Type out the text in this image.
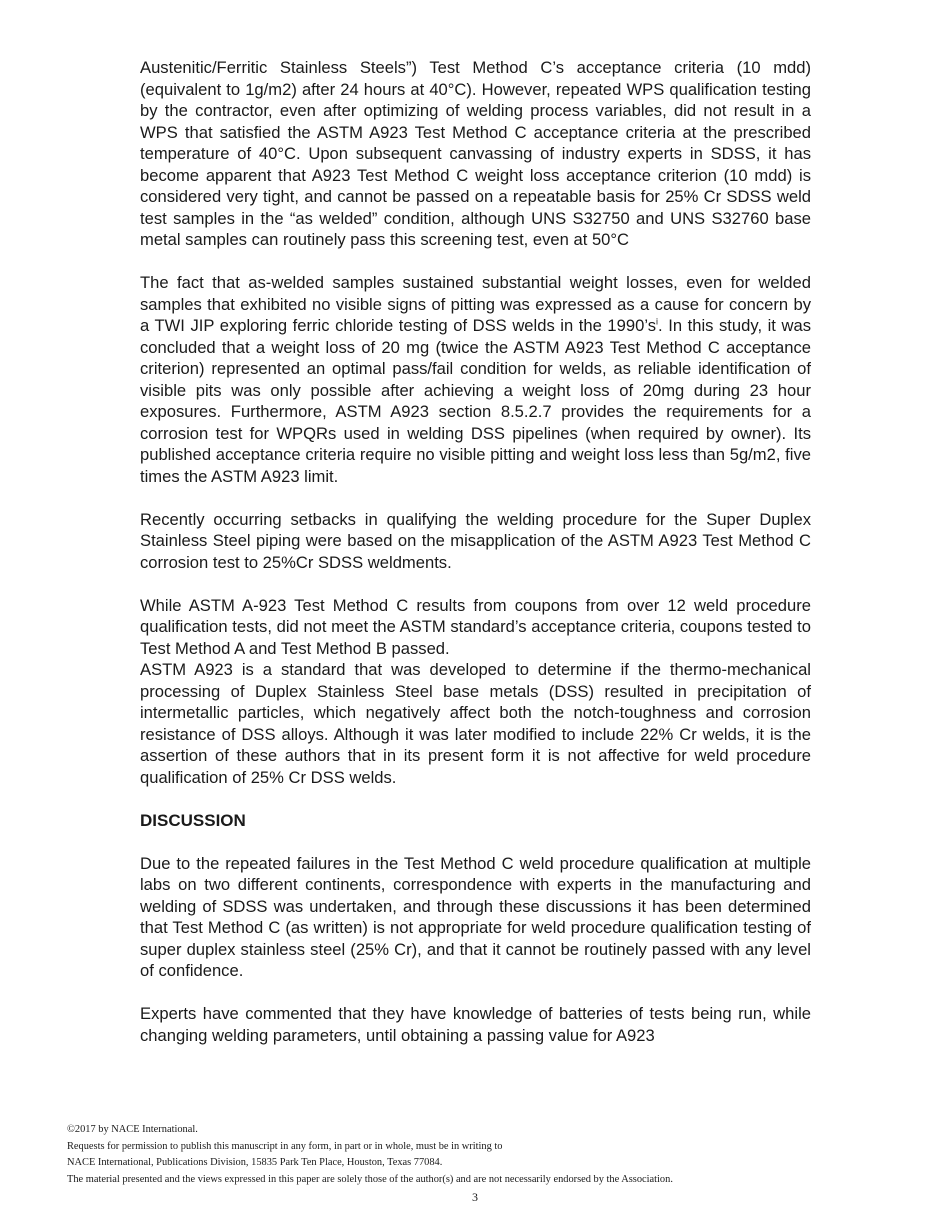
Austenitic/Ferritic Stainless Steels”) Test Method C’s acceptance criteria (10 mdd) (equivalent to 1g/m2) after 24 hours at 40°C). However, repeated WPS qualification testing by the contractor, even after optimizing of welding process variables, did not result in a WPS that satisfied the ASTM A923 Test Method C acceptance criteria at the prescribed temperature of 40°C. Upon subsequent canvassing of industry experts in SDSS, it has become apparent that A923 Test Method C weight loss acceptance criterion (10 mdd) is considered very tight, and cannot be passed on a repeatable basis for 25% Cr SDSS weld test samples in the “as welded” condition, although UNS S32750 and UNS S32760 base metal samples can routinely pass this screening test, even at 50°C

The fact that as-welded samples sustained substantial weight losses, even for welded samples that exhibited no visible signs of pitting was expressed as a cause for concern by a TWI JIP exploring ferric chloride testing of DSS welds in the $1990’s^i$. In this study, it was concluded that a weight loss of 20 mg (twice the ASTM A923 Test Method C acceptance criterion) represented an optimal pass/fail condition for welds, as reliable identification of visible pits was only possible after achieving a weight loss of 20mg during 23 hour exposures. Furthermore, ASTM A923 section 8.5.2.7 provides the requirements for a corrosion test for WPQRs used in welding DSS pipelines (when required by owner). Its published acceptance criteria require no visible pitting and weight loss less than 5g/m2, five times the ASTM A923 limit.

Recently occurring setbacks in qualifying the welding procedure for the Super Duplex Stainless Steel piping were based on the misapplication of the ASTM A923 Test Method C corrosion test to 25%Cr SDSS weldments.

While ASTM A-923 Test Method C results from coupons from over 12 weld procedure qualification tests, did not meet the ASTM standard’s acceptance criteria, coupons tested to Test Method A and Test Method B passed.

ASTM A923 is a standard that was developed to determine if the thermo-mechanical processing of Duplex Stainless Steel base metals (DSS) resulted in precipitation of intermetallic particles, which negatively affect both the notch-toughness and corrosion resistance of DSS alloys. Although it was later modified to include 22% Cr welds, it is the assertion of these authors that in its present form it is not affective for weld procedure qualification of 25% Cr DSS welds.

DISCUSSION

Due to the repeated failures in the Test Method C weld procedure qualification at multiple labs on two different continents, correspondence with experts in the manufacturing and welding of SDSS was undertaken, and through these discussions it has been determined that Test Method C (as written) is not appropriate for weld procedure qualification testing of super duplex stainless steel (25% Cr), and that it cannot be routinely passed with any level of confidence.

Experts have commented that they have knowledge of batteries of tests being run, while changing welding parameters, until obtaining a passing value for A923

©2017 by NACE International.
Requests for permission to publish this manuscript in any form, in part or in whole, must be in writing to
NACE International, Publications Division, 15835 Park Ten Place, Houston, Texas 77084.
The material presented and the views expressed in this paper are solely those of the author(s) and are not necessarily endorsed by the Association.
3
